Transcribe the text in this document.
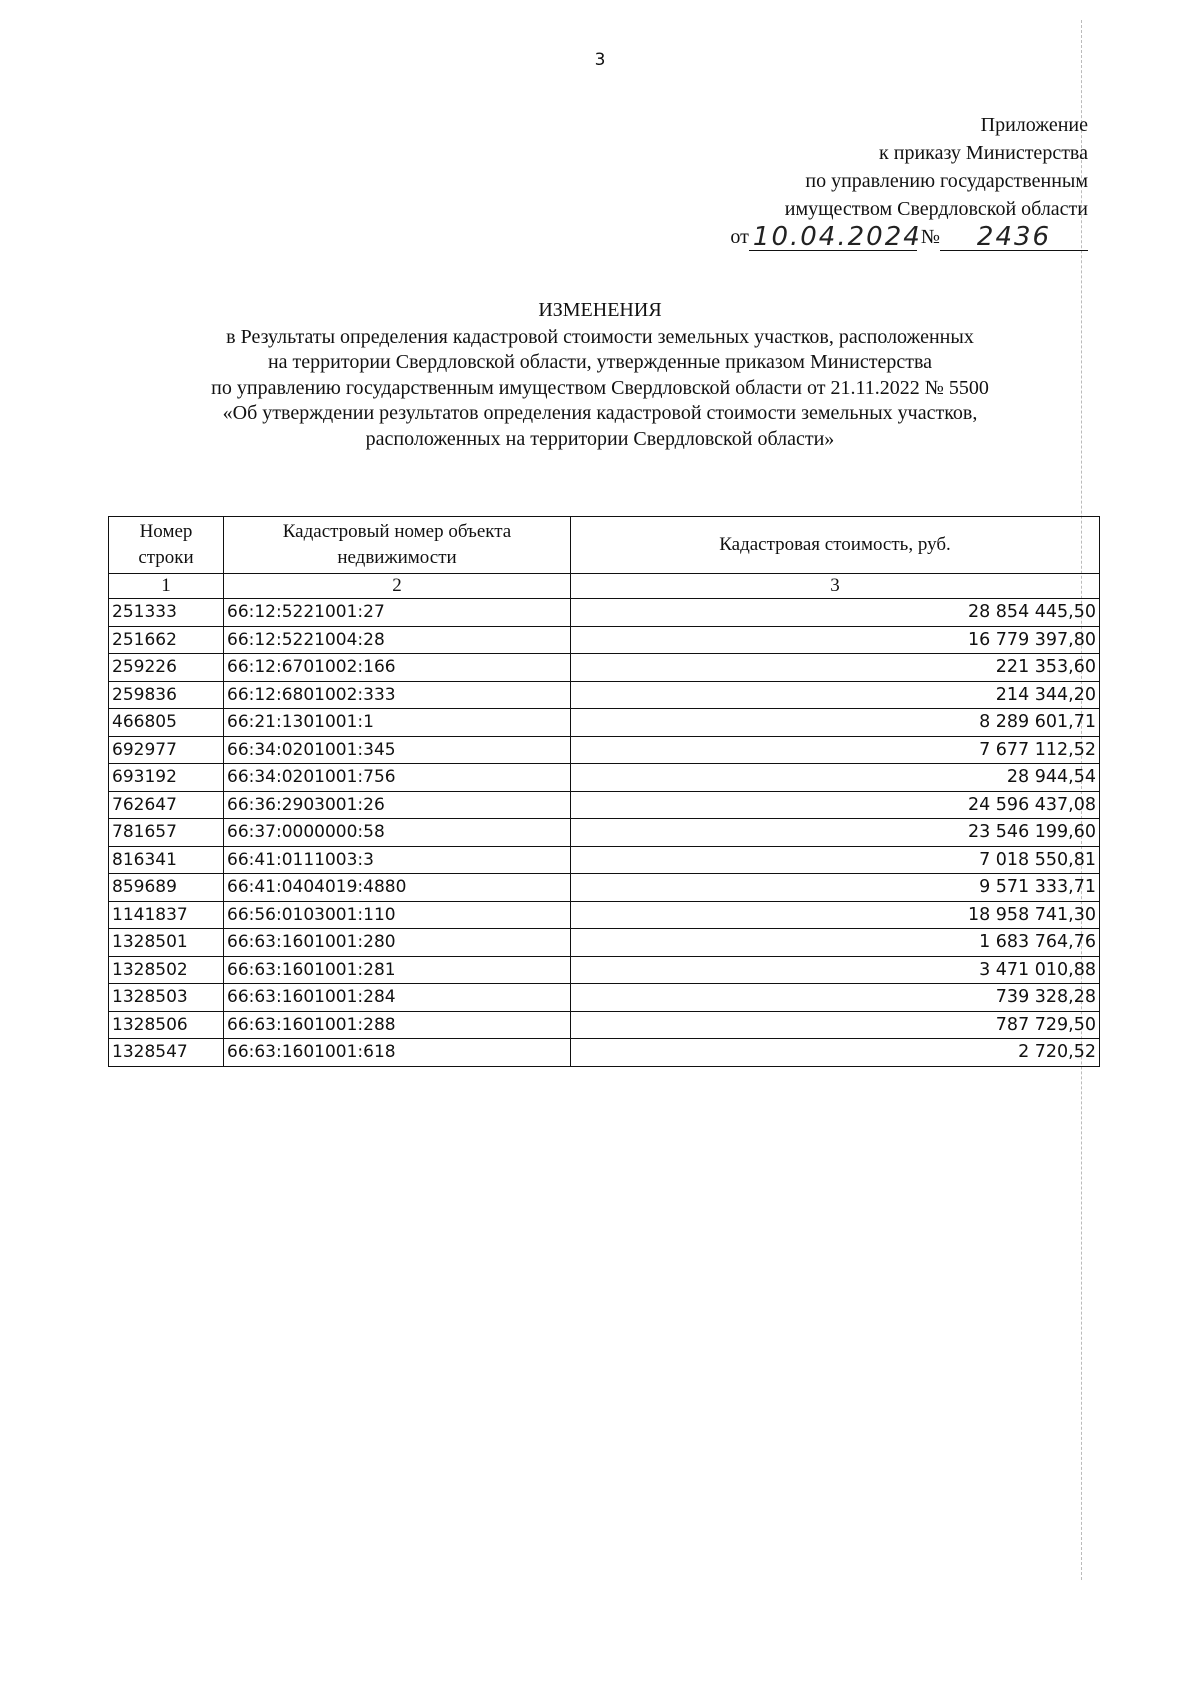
3
Приложение
к приказу Министерства
по управлению государственным
имуществом Свердловской области
от 10.04.2024 №	2436
ИЗМЕНЕНИЯ
в Результаты определения кадастровой стоимости земельных участков, расположенных
на территории Свердловской области, утвержденные приказом Министерства
по управлению государственным имуществом Свердловской области от 21.11.2022 № 5500
«Об утверждении результатов определения кадастровой стоимости земельных участков,
расположенных на территории Свердловской области»
Номер строки	Кадастровый номер объекта недвижимости	Кадастровая стоимость, руб.
1	2	3
251333	66:12:5221001:27	28 854 445,50
251662	66:12:5221004:28	16 779 397,80
259226	66:12:6701002:166	221 353,60
259836	66:12:6801002:333	214 344,20
466805	66:21:1301001:1	8 289 601,71
692977	66:34:0201001:345	7 677 112,52
693192	66:34:0201001:756	28 944,54
762647	66:36:2903001:26	24 596 437,08
781657	66:37:0000000:58	23 546 199,60
816341	66:41:0111003:3	7 018 550,81
859689	66:41:0404019:4880	9 571 333,71
1141837	66:56:0103001:110	18 958 741,30
1328501	66:63:1601001:280	1 683 764,76
1328502	66:63:1601001:281	3 471 010,88
1328503	66:63:1601001:284	739 328,28
1328506	66:63:1601001:288	787 729,50
1328547	66:63:1601001:618	2 720,52
